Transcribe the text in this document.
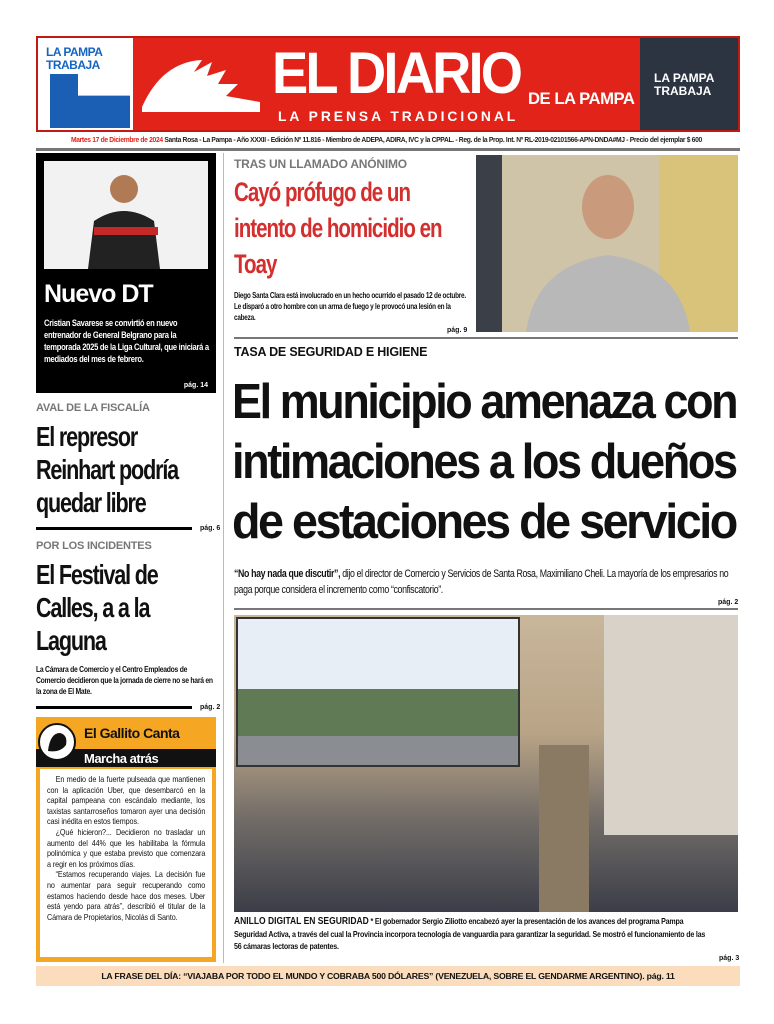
LA PAMPA TRABAJA	EL DIARIO
LA PRENSA TRADICIONAL
DE LA PAMPA
LA PAMPA TRABAJA
Martes 17 de Diciembre de 2024 Santa Rosa - La Pampa - Año XXXII - Edición Nº 11.816 - Miembro de ADEPA, ADIRA, IVC y la CPPAL. - Reg. de la Prop. Int. Nº RL-2019-02101566-APN-DNDA#MJ - Precio del ejemplar $ 600
Nuevo DT
Cristian Savarese se convirtió en nuevo entrenador de General Belgrano para la temporada 2025 de la Liga Cultural, que iniciará a mediados del mes de febrero.
pág. 14
AVAL DE LA FISCALÍA
El represor Reinhart podría quedar libre
pág. 6
POR LOS INCIDENTES
El Festival de Calles, a a la Laguna
La Cámara de Comercio y el Centro Empleados de Comercio decidieron que la jornada de cierre no se hará en la zona de El Mate.
pág. 2
El Gallito Canta
Marcha atrás

En medio de la fuerte pulseada que mantienen con la aplicación Uber, que desembarcó en la capital pampeana con escándalo mediante, los taxistas santarroseños tomaron ayer una decisión casi inédita en estos tiempos.

¿Qué hicieron?... Decidieron no trasladar un aumento del 44% que les habilitaba la fórmula polinómica y que estaba previsto que comenzara a regir en los próximos días.

“Estamos recuperando viajes. La decisión fue no aumentar para seguir recuperando como estamos haciendo desde hace dos meses. Uber está yendo para atrás”, describió el titular de la Cámara de Propietarios, Nicolás di Santo.

TRAS UN LLAMADO ANÓNIMO
Cayó prófugo de un intento de homicidio en Toay
Diego Santa Clara está involucrado en un hecho ocurrido el pasado 12 de octubre. Le disparó a otro hombre con un arma de fuego y le provocó una lesión en la cabeza.
pág. 9
TASA DE SEGURIDAD E HIGIENE
El municipio amenaza con
intimaciones a los dueños
de estaciones de servicio
“No hay nada que discutir”, dijo el director de Comercio y Servicios de Santa Rosa, Maximiliano Cheli. La mayoría de los empresarios no paga porque considera el incremento como “confiscatorio”.
pág. 2
ANILLO DIGITAL EN SEGURIDAD * El gobernador Sergio Ziliotto encabezó ayer la presentación de los avances del programa Pampa Seguridad Activa, a través del cual la Provincia incorpora tecnología de vanguardia para garantizar la seguridad. Se mostró el funcionamiento de las 56 cámaras lectoras de patentes.
pág. 3
LA FRASE DEL DÍA: “VIAJABA POR TODO EL MUNDO Y COBRABA 500 DÓLARES” (VENEZUELA, SOBRE EL GENDARME ARGENTINO). pág. 11
